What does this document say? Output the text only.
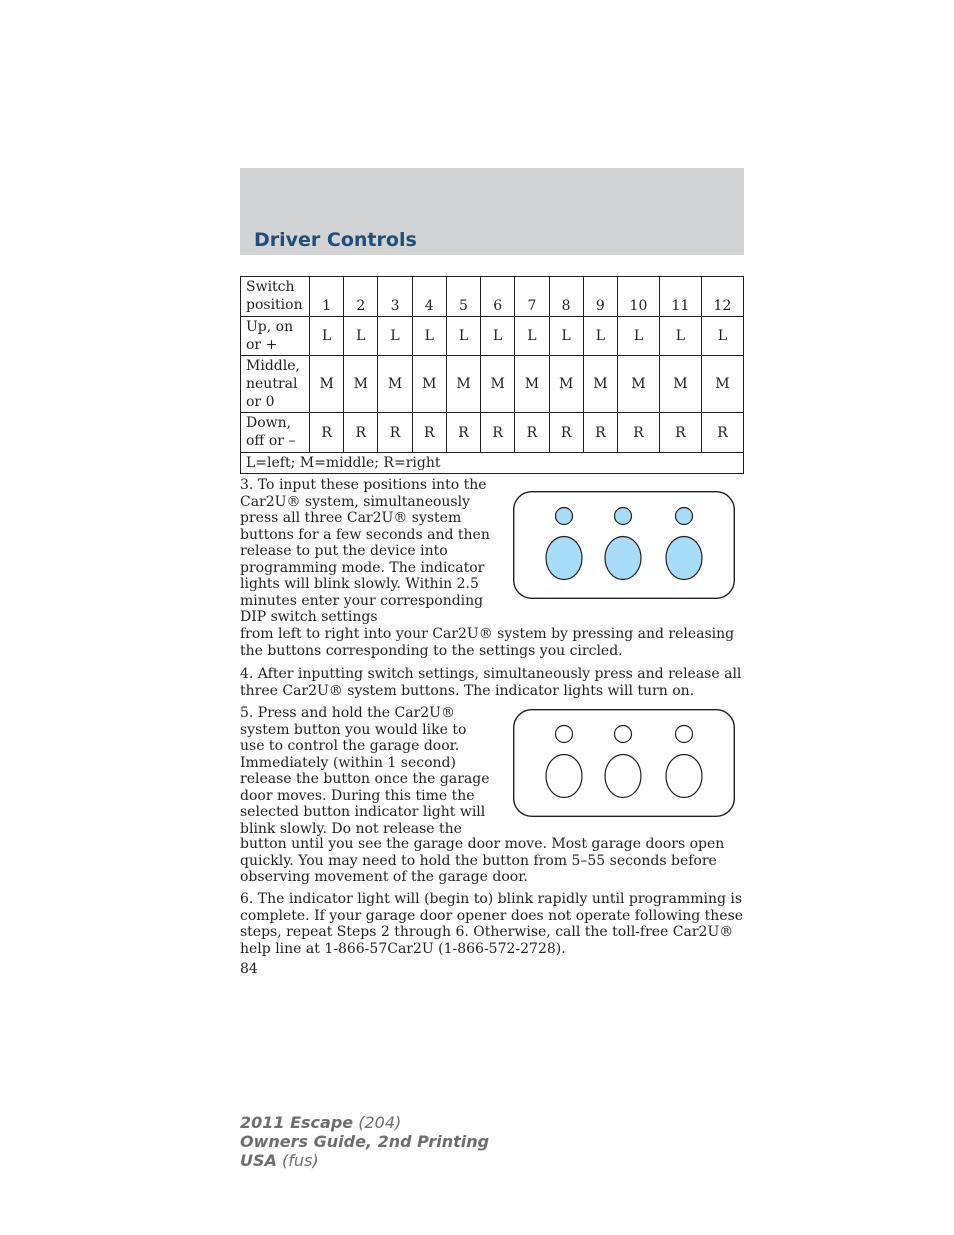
Driver Controls
Switch position	1	2	3	4	5	6	7	8	9	10	11	12
Up, on or +	L	L	L	L	L	L	L	L	L	L	L	L
Middle, neutral or 0	M	M	M	M	M	M	M	M	M	M	M	M
Down, off or –	R	R	R	R	R	R	R	R	R	R	R	R
L=left; M=middle; R=right												

3. To input these positions into the Car2U® system, simultaneously press all three Car2U® system buttons for a few seconds and then release to put the device into programming mode. The indicator lights will blink slowly. Within 2.5 minutes enter your corresponding DIP switch settings

from left to right into your Car2U® system by pressing and releasing the buttons corresponding to the settings you circled.

4. After inputting switch settings, simultaneously press and release all three Car2U® system buttons. The indicator lights will turn on.

5. Press and hold the Car2U® system button you would like to use to control the garage door. Immediately (within 1 second) release the button once the garage door moves. During this time the selected button indicator light will blink slowly. Do not release the

button until you see the garage door move. Most garage doors open quickly. You may need to hold the button from 5–55 seconds before observing movement of the garage door.

6. The indicator light will (begin to) blink rapidly until programming is complete. If your garage door opener does not operate following these steps, repeat Steps 2 through 6. Otherwise, call the toll-free Car2U® help line at 1-866-57Car2U (1-866-572-2728).

84
2011 Escape (204)
Owners Guide, 2nd Printing
USA (fus)
